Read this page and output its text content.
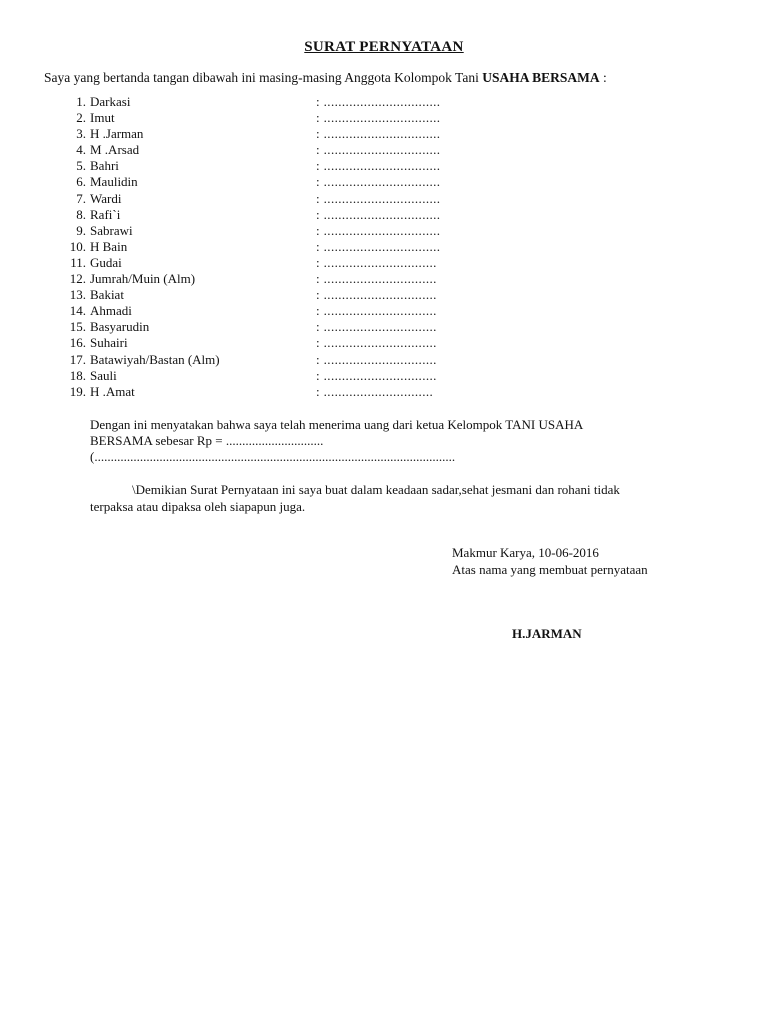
SURAT PERNYATAAN
Saya yang bertanda tangan dibawah ini masing-masing Anggota Kolompok Tani USAHA BERSAMA :
1. Darkasi	: ................................
2. Imut	: ................................
3. H .Jarman	: ................................
4. M .Arsad	: ................................
5. Bahri	: ................................
6. Maulidin	: ................................
7. Wardi	: ................................
8. Rafi`i	: ................................
9. Sabrawi	: ................................
10. H Bain	: ................................
11. Gudai	: ...............................
12. Jumrah/Muin (Alm)	: ...............................
13. Bakiat	: ...............................
14. Ahmadi	: ...............................
15. Basyarudin	: ...............................
16. Suhairi	: ...............................
17. Batawiyah/Bastan (Alm)	: ...............................
18. Sauli	: ...............................
19. H .Amat	: ..............................
Dengan ini menyatakan bahwa saya telah menerima uang dari ketua Kelompok TANI USAHA
BERSAMA sebesar Rp = ..............................
(...............................................................................................................
\Demikian Surat Pernyataan ini saya buat dalam keadaan sadar,sehat jesmani dan rohani tidak
terpaksa atau dipaksa oleh siapapun juga.
Makmur Karya, 10-06-2016
Atas nama yang membuat pernyataan
H.JARMAN
